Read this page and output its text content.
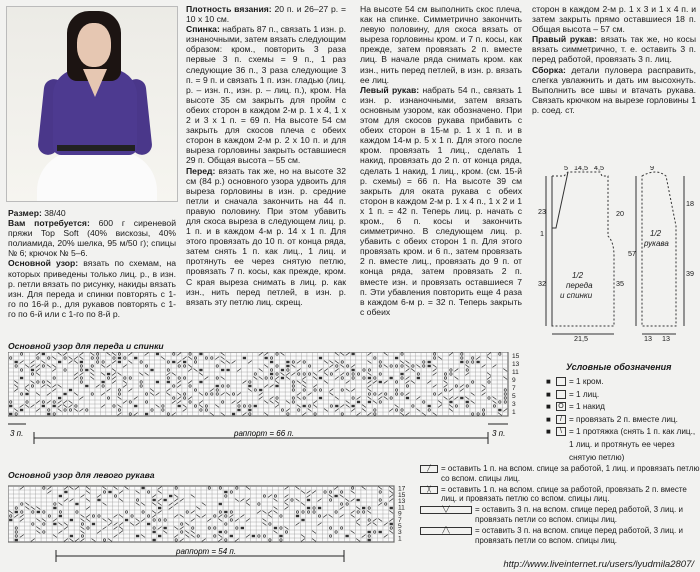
Размер: 38/40
Вам потребуется: 600 г сиреневой пряжи Top Soft (40% вискозы, 40% полиамида, 20% шелка, 95 м/50 г); спицы № 6; крючок № 5–6.
Основной узор: вязать по схемам, на которых приведены только лиц. р., в изн. р. петли вязать по рисунку, накиды вязать изн. Для переда и спинки повторять с 1-го по 16-й р., для рукавов повторять с 1-го по 6-й или с 1-го по 8-й р.
Плотность вязания: 20 п. и 26–27 р. = 10 х 10 см.
Спинка: набрать 87 п., связать 1 изн. р. изнаночными, затем вязать следующим образом: кром., повторить 3 раза первые 3 п. схемы = 9 п., 1 раз следующие 36 п., 3 раза следующие 3 п. = 9 п. и связать 1 п. изн. гладью (лиц. р. – изн. п., изн. р. – лиц. п.), кром. На высоте 35 см закрыть для пройм с обеих сторон в каждом 2-м р. 1 х 4, 1 х 2 и 3 х 1 п. = 69 п. На высоте 54 см закрыть для скосов плеча с обеих сторон в каждом 2-м р. 2 х 10 п. и для выреза горловины закрыть оставшиеся 29 п. Общая высота – 55 см.
Перед: вязать так же, но на высоте 32 см (84 р.) основного узора удвоить для выреза горловины в изн. р. средние петли и сначала закончить на 44 п. правую половину. При этом убавить для скоса выреза в следующем лиц. р. 1 п. и в каждом 4-м р. 14 х 1 п. Для этого провязать до 10 п. от конца ряда, затем снять 1 п. как лиц., 1 лиц. и протянуть ее через снятую петлю, провязать 7 п. косы, как прежде, кром. С края выреза снимать в лиц. р. как изн., нить перед петлей, в изн. р. вязать эту петлю лиц. скрещ.
На высоте 54 см выполнить скос плеча, как на спинке. Симметрично закончить левую половину, для скоса вязать от выреза горловины кром. и 7 п. косы, как прежде, затем провязать 2 п. вместе лиц. В начале ряда снимать кром. как изн., нить перед петлей, в изн. р. вязать ее лиц.
Левый рукав: набрать 54 п., связать 1 изн. р. изнаночными, затем вязать основным узором, как обозначено. При этом для скосов рукава прибавить с обеих сторон в 15-м р. 1 х 1 п. и в каждом 14-м р. 5 х 1 п. Для этого после кром. провязать 1 лиц., сделать 1 накид, провязать до 2 п. от конца ряда, сделать 1 накид, 1 лиц., кром. (см. 15-й р. схемы) = 66 п. На высоте 39 см закрыть для оката рукава с обеих сторон в каждом 2-м р. 1 х 4 п., 1 х 2 и 1 х 1 п. = 42 п. Теперь лиц. р. начать с кром., 6 п. косы и закончить симметрично. В следующем лиц. р. убавить с обеих сторон 1 п. Для этого провязать кром. и 6 п., затем провязать 2 п. вместе лиц., провязать до 9 п. от конца ряда, затем провязать 2 п. вместе изн. и провязать оставшиеся 7 п. Эти убавления повторить еще 4 раза в каждом 6-м р. = 32 п. Теперь закрыть с обеих
сторон в каждом 2-м р. 1 х 3 и 1 х 4 п. и затем закрыть прямо оставшиеся 18 п. Общая высота – 57 см.
Правый рукав: вязать так же, но косы вязать симметрично, т. е. оставить 3 п. перед работой, провязать 3 п. лиц.
Сборка: детали пуловера расправить, слегка увлажнить и дать им высохнуть. Выполнить все швы и втачать рукава. Связать крючком на вырезе горловины 1 р. соед. ст.
5 14,5 4,5	9
23
1
32
20
35
21,5	13 13
18
57
39
1/2
переда
и спинки
1/2
рукава
Основной узор для переда и спинки
15
13
11
9
7
5
3
1
3 п.	раппорт = 66 п.	3 п.
Условные обозначения
■	= 1 кром.
■	= 1 лиц.
■	O = 1 накид
■	/ = провязать 2 п. вместе лиц.
■	\ = 1 протяжка (снять 1 п. как лиц., 1 лиц. и протянуть ее через снятую петлю)
Основной узор для левого рукава
17
15
13
11
9
7
5
3
1
раппорт = 54 п.
╱	= оставить 1 п. на вспом. спице за работой, 1 лиц. и провязать петлю со вспом. спицы лиц.
╳	= оставить 1 п. на вспом. спице за работой, провязать 2 п. вместе лиц. и провязать петлю со вспом. спицы лиц.
╲╱	= оставить 3 п. на вспом. спице перед работой, 3 лиц. и провязать петли со вспом. спицы лиц.
╱╲	= оставить 3 п. на вспом. спице перед работой, 3 лиц. и провязать петли со вспом. спицы лиц.
http://www.liveinternet.ru/users/lyudmila2807/
